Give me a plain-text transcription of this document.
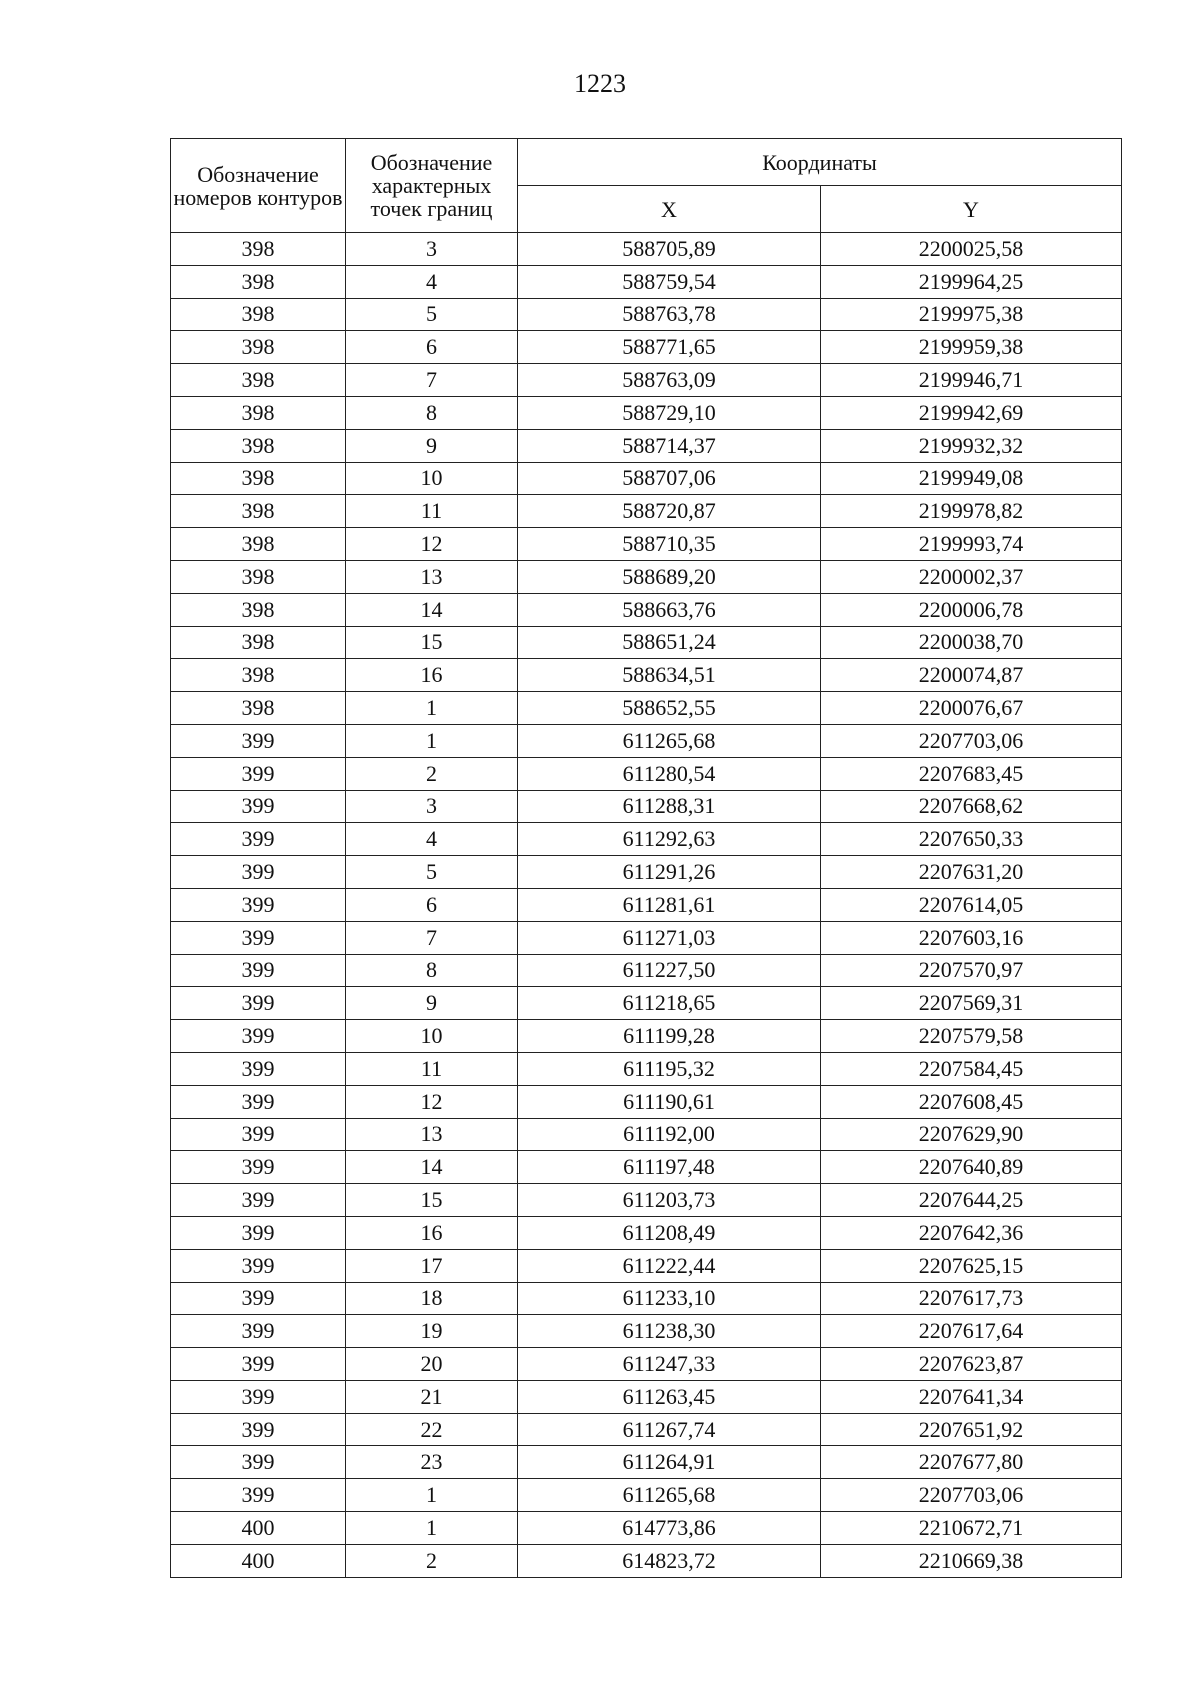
1223
Обозначение номеров контуров	Обозначение характерных точек границ	Координаты	
		X	Y
398	3	588705,89	2200025,58
398	4	588759,54	2199964,25
398	5	588763,78	2199975,38
398	6	588771,65	2199959,38
398	7	588763,09	2199946,71
398	8	588729,10	2199942,69
398	9	588714,37	2199932,32
398	10	588707,06	2199949,08
398	11	588720,87	2199978,82
398	12	588710,35	2199993,74
398	13	588689,20	2200002,37
398	14	588663,76	2200006,78
398	15	588651,24	2200038,70
398	16	588634,51	2200074,87
398	1	588652,55	2200076,67
399	1	611265,68	2207703,06
399	2	611280,54	2207683,45
399	3	611288,31	2207668,62
399	4	611292,63	2207650,33
399	5	611291,26	2207631,20
399	6	611281,61	2207614,05
399	7	611271,03	2207603,16
399	8	611227,50	2207570,97
399	9	611218,65	2207569,31
399	10	611199,28	2207579,58
399	11	611195,32	2207584,45
399	12	611190,61	2207608,45
399	13	611192,00	2207629,90
399	14	611197,48	2207640,89
399	15	611203,73	2207644,25
399	16	611208,49	2207642,36
399	17	611222,44	2207625,15
399	18	611233,10	2207617,73
399	19	611238,30	2207617,64
399	20	611247,33	2207623,87
399	21	611263,45	2207641,34
399	22	611267,74	2207651,92
399	23	611264,91	2207677,80
399	1	611265,68	2207703,06
400	1	614773,86	2210672,71
400	2	614823,72	2210669,38
